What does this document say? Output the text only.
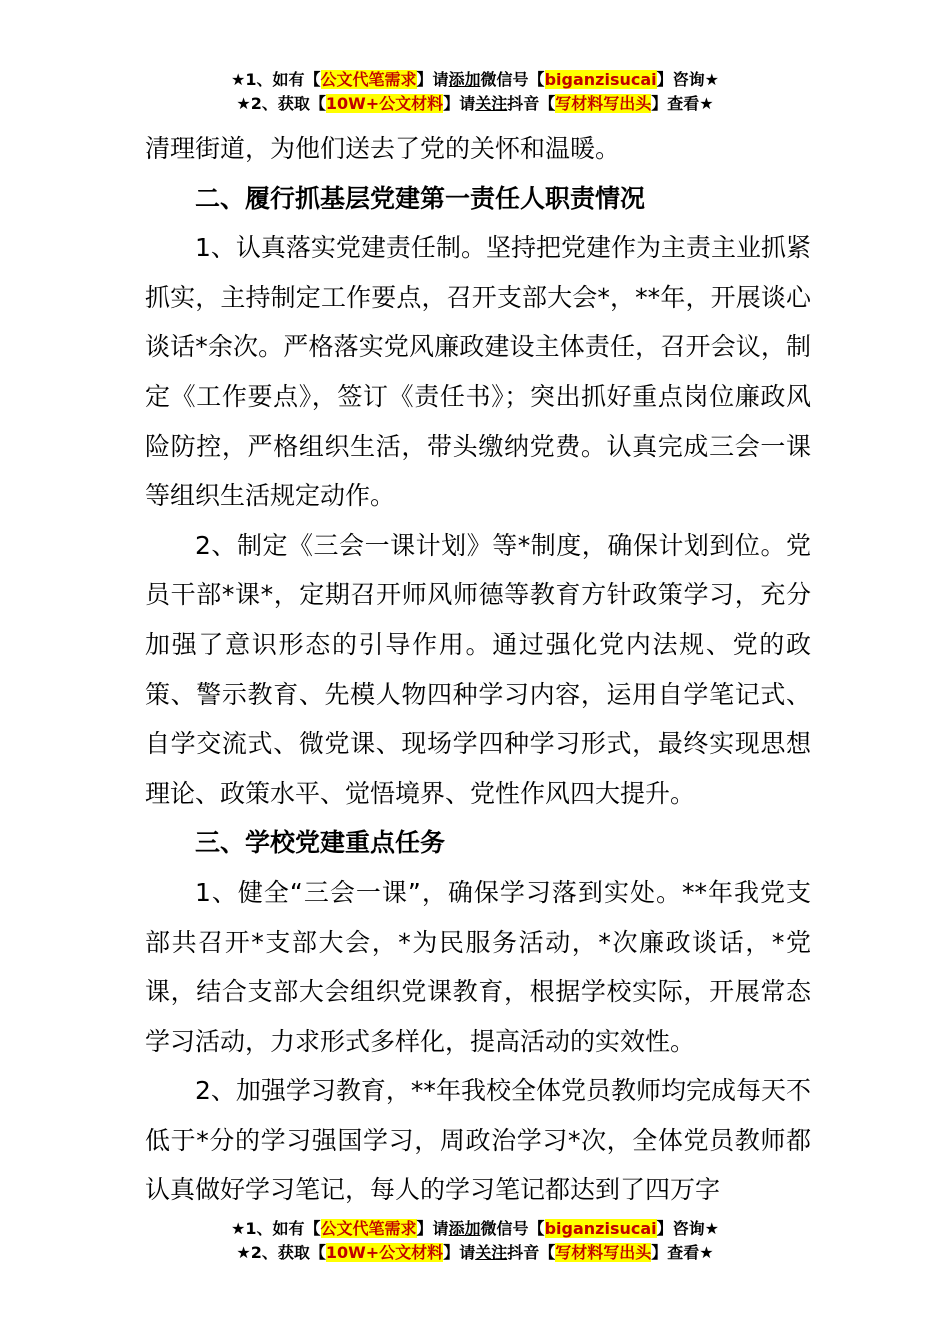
★1、如有【公文代笔需求】请添加微信号【biganzisucai】咨询★
★2、获取【10W+公文材料】请关注抖音【写材料写出头】查看★

清理街道，为他们送去了党的关怀和温暖。

二、履行抓基层党建第一责任人职责情况

1、认真落实党建责任制。坚持把党建作为主责主业抓紧抓实，主持制定工作要点，召开支部大会*，**年，开展谈心谈话*余次。严格落实党风廉政建设主体责任，召开会议，制定《工作要点》，签订《责任书》；突出抓好重点岗位廉政风险防控，严格组织生活，带头缴纳党费。认真完成三会一课等组织生活规定动作。

2、制定《三会一课计划》等*制度，确保计划到位。党员干部*课*，定期召开师风师德等教育方针政策学习，充分加强了意识形态的引导作用。通过强化党内法规、党的政策、警示教育、先模人物四种学习内容，运用自学笔记式、自学交流式、微党课、现场学四种学习形式，最终实现思想理论、政策水平、觉悟境界、党性作风四大提升。

三、学校党建重点任务

1、健全“三会一课”，确保学习落到实处。**年我党支部共召开*支部大会，*为民服务活动，*次廉政谈话，*党课，结合支部大会组织党课教育，根据学校实际，开展常态学习活动，力求形式多样化，提高活动的实效性。

2、加强学习教育，**年我校全体党员教师均完成每天不低于*分的学习强国学习，周政治学习*次，全体党员教师都认真做好学习笔记，每人的学习笔记都达到了四万字

★1、如有【公文代笔需求】请添加微信号【biganzisucai】咨询★
★2、获取【10W+公文材料】请关注抖音【写材料写出头】查看★
